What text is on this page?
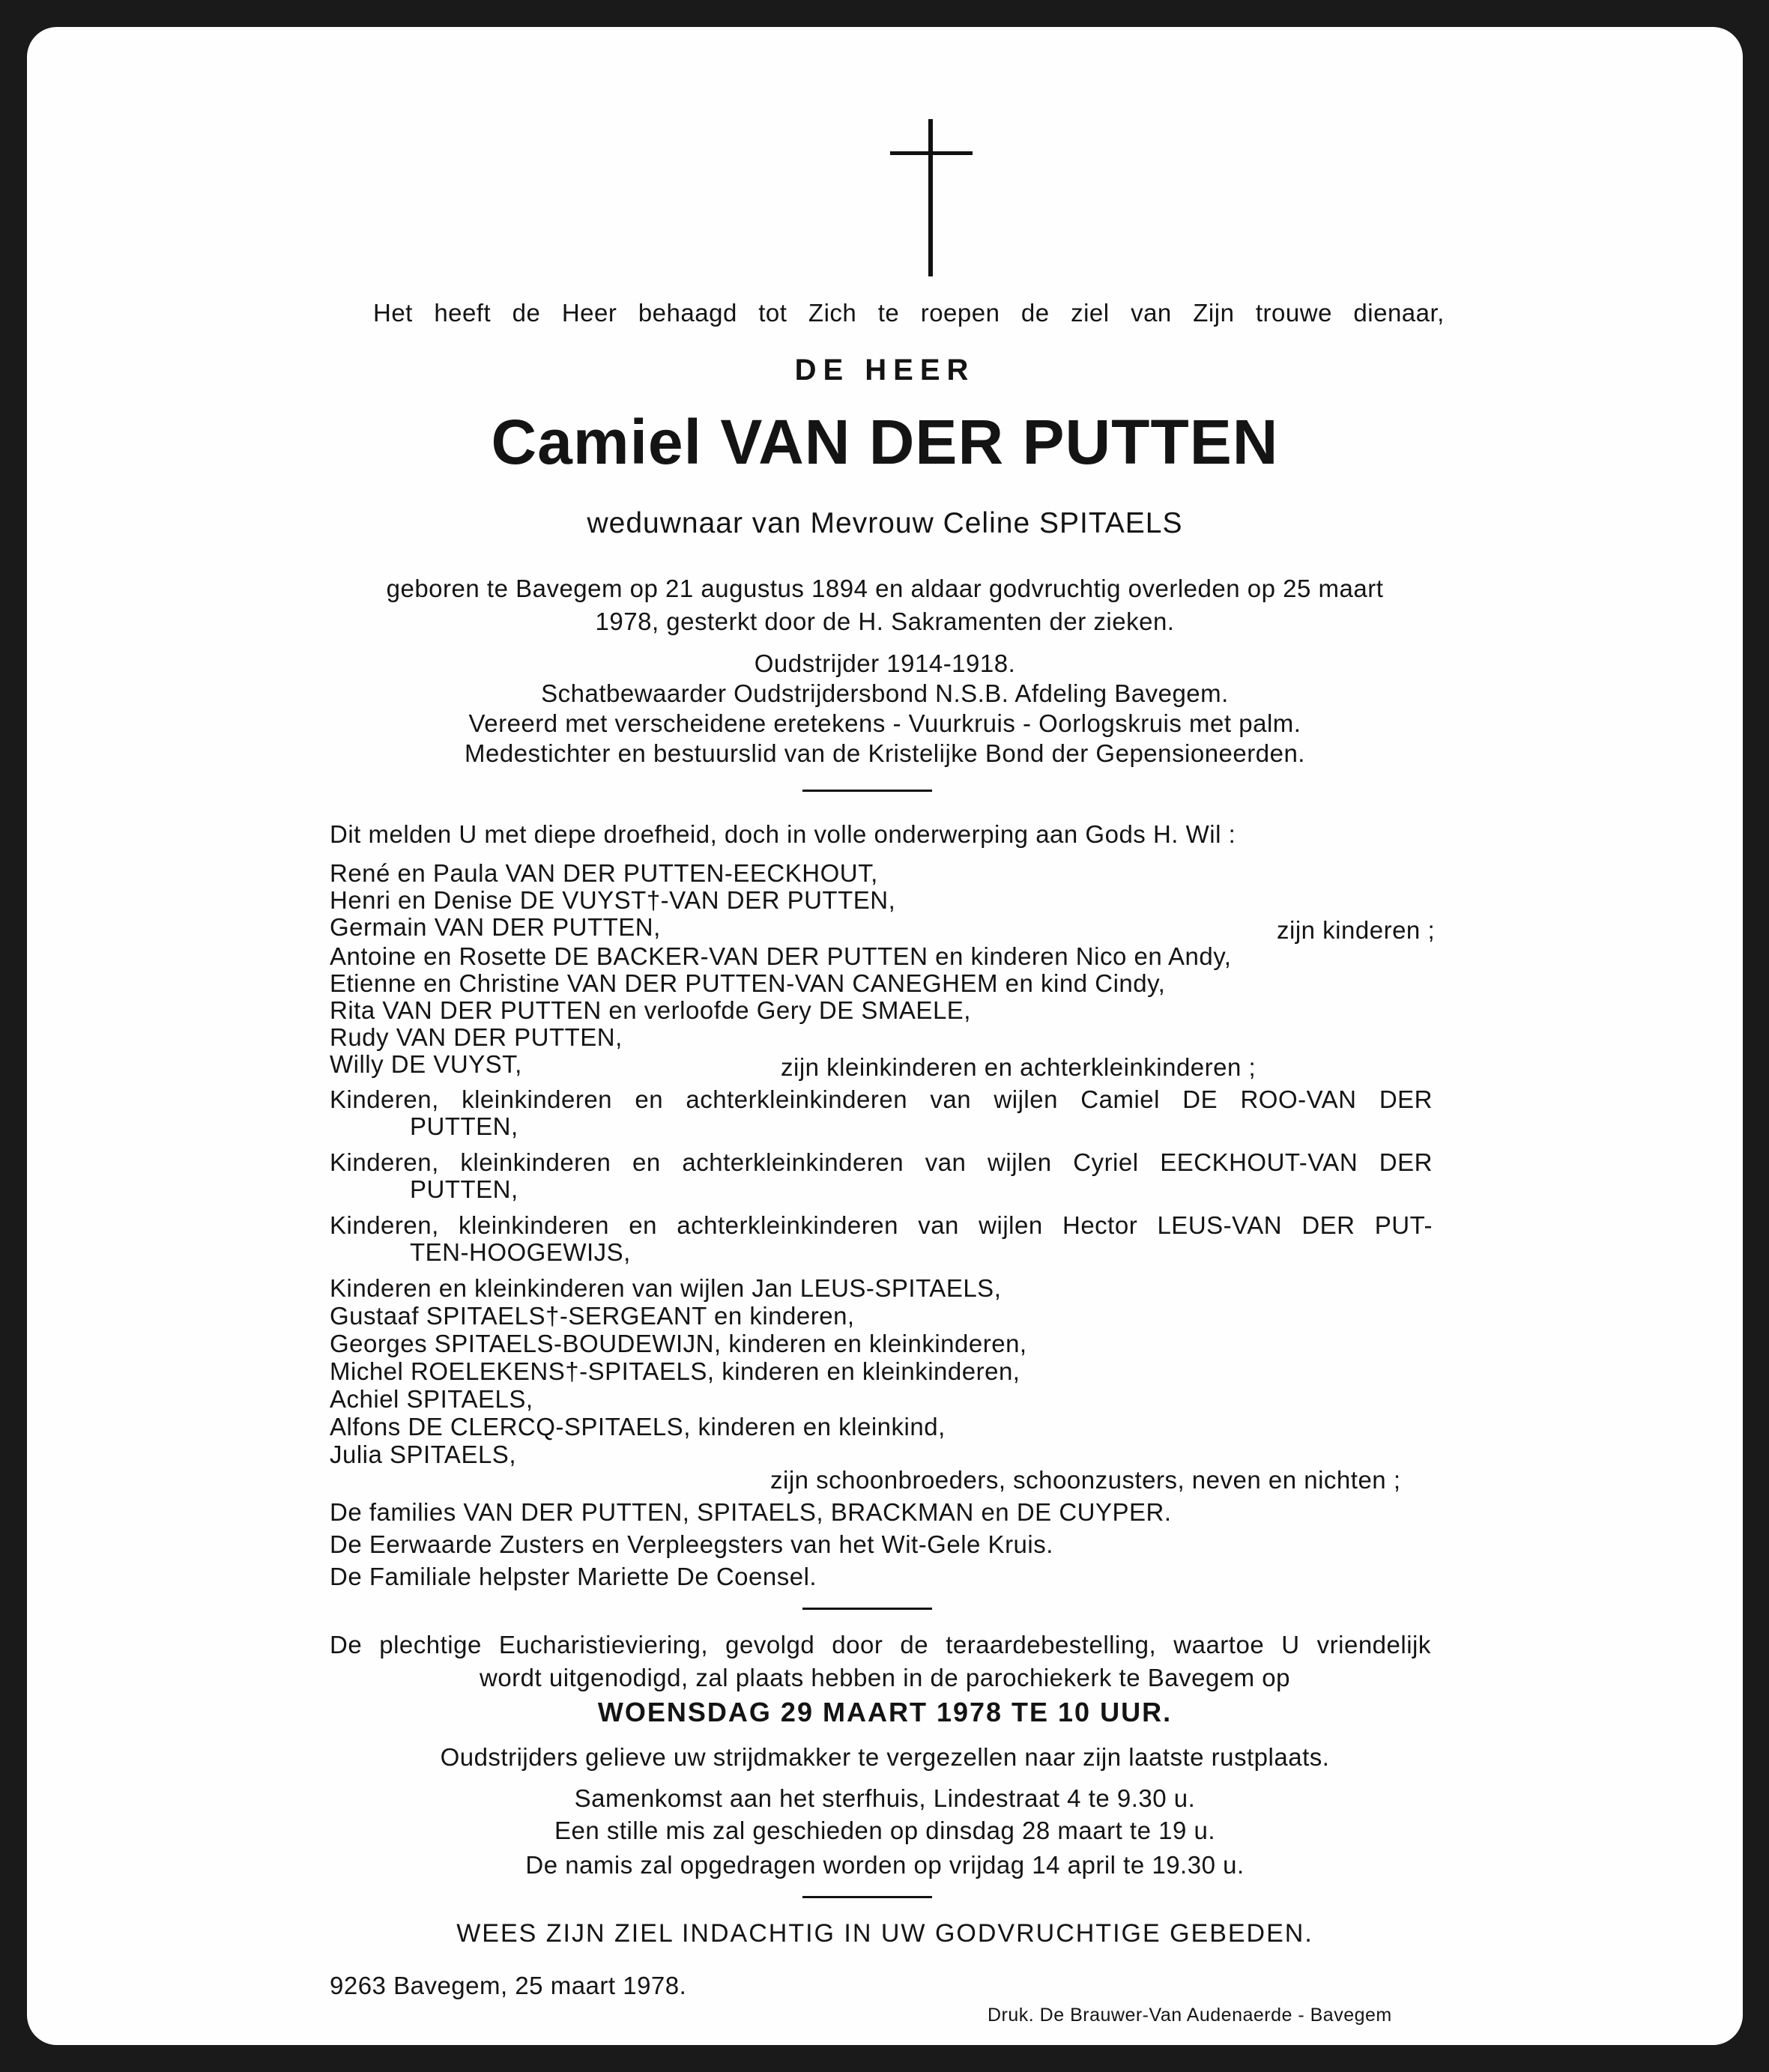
Het heeft de Heer behaagd tot Zich te roepen de ziel van Zijn trouwe dienaar,
DE HEER
Camiel VAN DER PUTTEN
weduwnaar van Mevrouw Celine SPITAELS
geboren te Bavegem op 21 augustus 1894 en aldaar godvruchtig overleden op 25 maart
1978, gesterkt door de H. Sakramenten der zieken.
Oudstrijder 1914-1918.
Schatbewaarder Oudstrijdersbond N.S.B. Afdeling Bavegem.
Vereerd met verscheidene eretekens - Vuurkruis - Oorlogskruis met palm.
Medestichter en bestuurslid van de Kristelijke Bond der Gepensioneerden.
Dit melden U met diepe droefheid, doch in volle onderwerping aan Gods H. Wil :
René en Paula VAN DER PUTTEN-EECKHOUT,
Henri en Denise DE VUYST†-VAN DER PUTTEN,
Germain VAN DER PUTTEN,	zijn kinderen ;
Antoine en Rosette DE BACKER-VAN DER PUTTEN en kinderen Nico en Andy,
Etienne en Christine VAN DER PUTTEN-VAN CANEGHEM en kind Cindy,
Rita VAN DER PUTTEN en verloofde Gery DE SMAELE,
Rudy VAN DER PUTTEN,
Willy DE VUYST,	zijn kleinkinderen en achterkleinkinderen ;
Kinderen, kleinkinderen en achterkleinkinderen van wijlen Camiel DE ROO-VAN DER
PUTTEN,
Kinderen, kleinkinderen en achterkleinkinderen van wijlen Cyriel EECKHOUT-VAN DER
PUTTEN,
Kinderen, kleinkinderen en achterkleinkinderen van wijlen Hector LEUS-VAN DER PUT-
TEN-HOOGEWIJS,
Kinderen en kleinkinderen van wijlen Jan LEUS-SPITAELS,
Gustaaf SPITAELS†-SERGEANT en kinderen,
Georges SPITAELS-BOUDEWIJN, kinderen en kleinkinderen,
Michel ROELEKENS†-SPITAELS, kinderen en kleinkinderen,
Achiel SPITAELS,
Alfons DE CLERCQ-SPITAELS, kinderen en kleinkind,
Julia SPITAELS,
zijn schoonbroeders, schoonzusters, neven en nichten ;
De families VAN DER PUTTEN, SPITAELS, BRACKMAN en DE CUYPER.
De Eerwaarde Zusters en Verpleegsters van het Wit-Gele Kruis.
De Familiale helpster Mariette De Coensel.
De plechtige Eucharistieviering, gevolgd door de teraardebestelling, waartoe U vriendelijk
wordt uitgenodigd, zal plaats hebben in de parochiekerk te Bavegem op
WOENSDAG 29 MAART 1978 TE 10 UUR.
Oudstrijders gelieve uw strijdmakker te vergezellen naar zijn laatste rustplaats.
Samenkomst aan het sterfhuis, Lindestraat 4 te 9.30 u.
Een stille mis zal geschieden op dinsdag 28 maart te 19 u.
De namis zal opgedragen worden op vrijdag 14 april te 19.30 u.
WEES ZIJN ZIEL INDACHTIG IN UW GODVRUCHTIGE GEBEDEN.
9263 Bavegem, 25 maart 1978.
Druk. De Brauwer-Van Audenaerde - Bavegem
